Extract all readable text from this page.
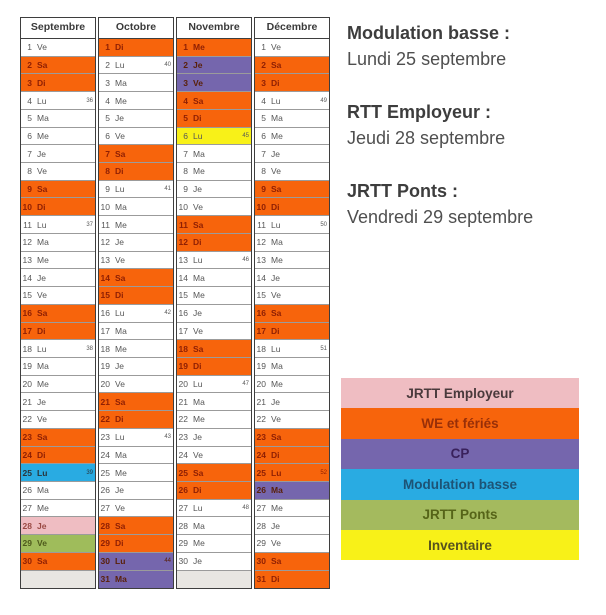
Septembre
1 Ve
2 Sa
3 Di
4 Lu	36
5 Ma
6 Me
7 Je
8 Ve
9 Sa
10 Di
11 Lu	37
12 Ma
13 Me
14 Je
15 Ve
16 Sa
17 Di
18 Lu	38
19 Ma
20 Me
21 Je
22 Ve
23 Sa
24 Di
25 Lu	39
26 Ma
27 Me
28 Je
29 Ve
30 Sa
Octobre
1 Di
2 Lu	40
3 Ma
4 Me
5 Je
6 Ve
7 Sa
8 Di
9 Lu	41
10 Ma
11 Me
12 Je
13 Ve
14 Sa
15 Di
16 Lu	42
17 Ma
18 Me
19 Je
20 Ve
21 Sa
22 Di
23 Lu	43
24 Ma
25 Me
26 Je
27 Ve
28 Sa
29 Di
30 Lu	44
31 Ma
Novembre
1 Me
2 Je
3 Ve
4 Sa
5 Di
6 Lu	45
7 Ma
8 Me
9 Je
10 Ve
11 Sa
12 Di
13 Lu	46
14 Ma
15 Me
16 Je
17 Ve
18 Sa
19 Di
20 Lu	47
21 Ma
22 Me
23 Je
24 Ve
25 Sa
26 Di
27 Lu	48
28 Ma
29 Me
30 Je
Décembre
1 Ve
2 Sa
3 Di
4 Lu	49
5 Ma
6 Me
7 Je
8 Ve
9 Sa
10 Di
11 Lu	50
12 Ma
13 Me
14 Je
15 Ve
16 Sa
17 Di
18 Lu	51
19 Ma
20 Me
21 Je
22 Ve
23 Sa
24 Di
25 Lu	52
26 Ma
27 Me
28 Je
29 Ve
30 Sa
31 Di
Modulation basse :
Lundi 25 septembre
RTT Employeur :
Jeudi 28 septembre
JRTT Ponts :
Vendredi 29 septembre
JRTT Employeur
WE et fériés
CP
Modulation basse
JRTT Ponts
Inventaire
